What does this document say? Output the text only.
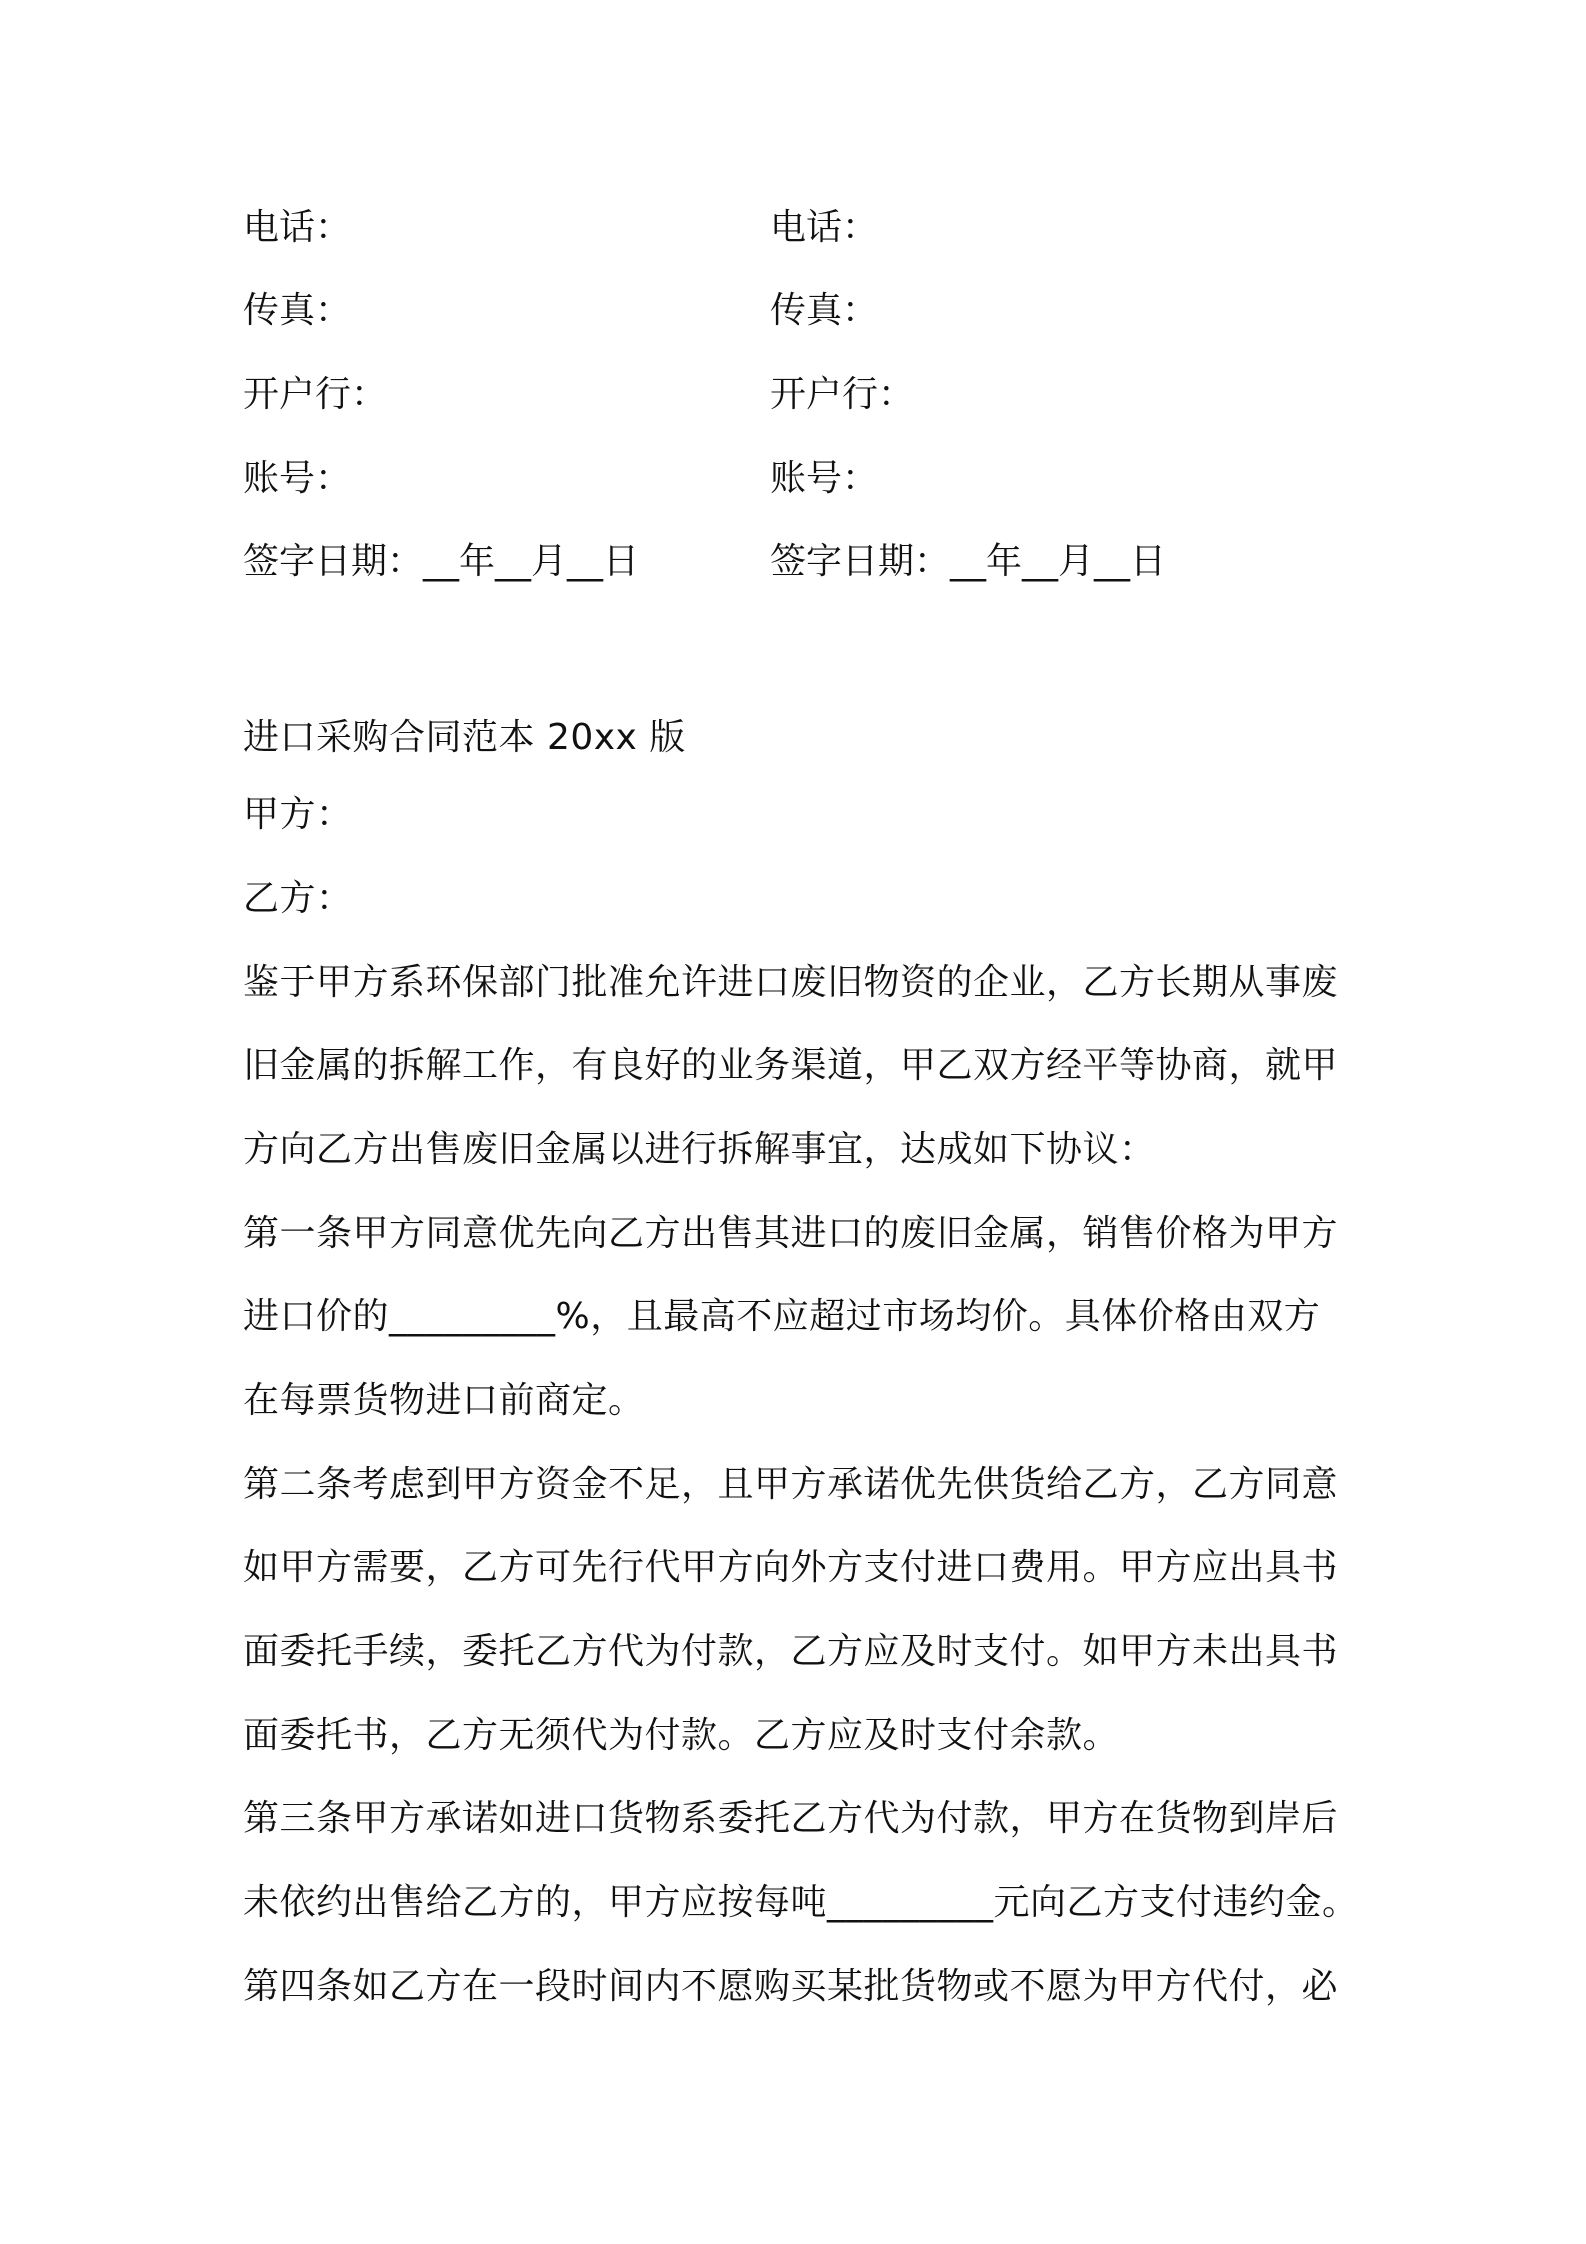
电话：
传真：
开户行：
账号：
签字日期：__年__月__日
电话：
传真：
开户行：
账号：
签字日期：__年__月__日
进口采购合同范本 20xx 版
甲方：
乙方：
鉴于甲方系环保部门批准允许进口废旧物资的企业，乙方长期从事废
旧金属的拆解工作，有良好的业务渠道，甲乙双方经平等协商，就甲
方向乙方出售废旧金属以进行拆解事宜，达成如下协议：
第一条甲方同意优先向乙方出售其进口的废旧金属，销售价格为甲方
进口价的_________%，且最高不应超过市场均价。具体价格由双方
在每票货物进口前商定。
第二条考虑到甲方资金不足，且甲方承诺优先供货给乙方，乙方同意
如甲方需要，乙方可先行代甲方向外方支付进口费用。甲方应出具书
面委托手续，委托乙方代为付款，乙方应及时支付。如甲方未出具书
面委托书，乙方无须代为付款。乙方应及时支付余款。
第三条甲方承诺如进口货物系委托乙方代为付款，甲方在货物到岸后
未依约出售给乙方的，甲方应按每吨_________元向乙方支付违约金。
第四条如乙方在一段时间内不愿购买某批货物或不愿为甲方代付，必
